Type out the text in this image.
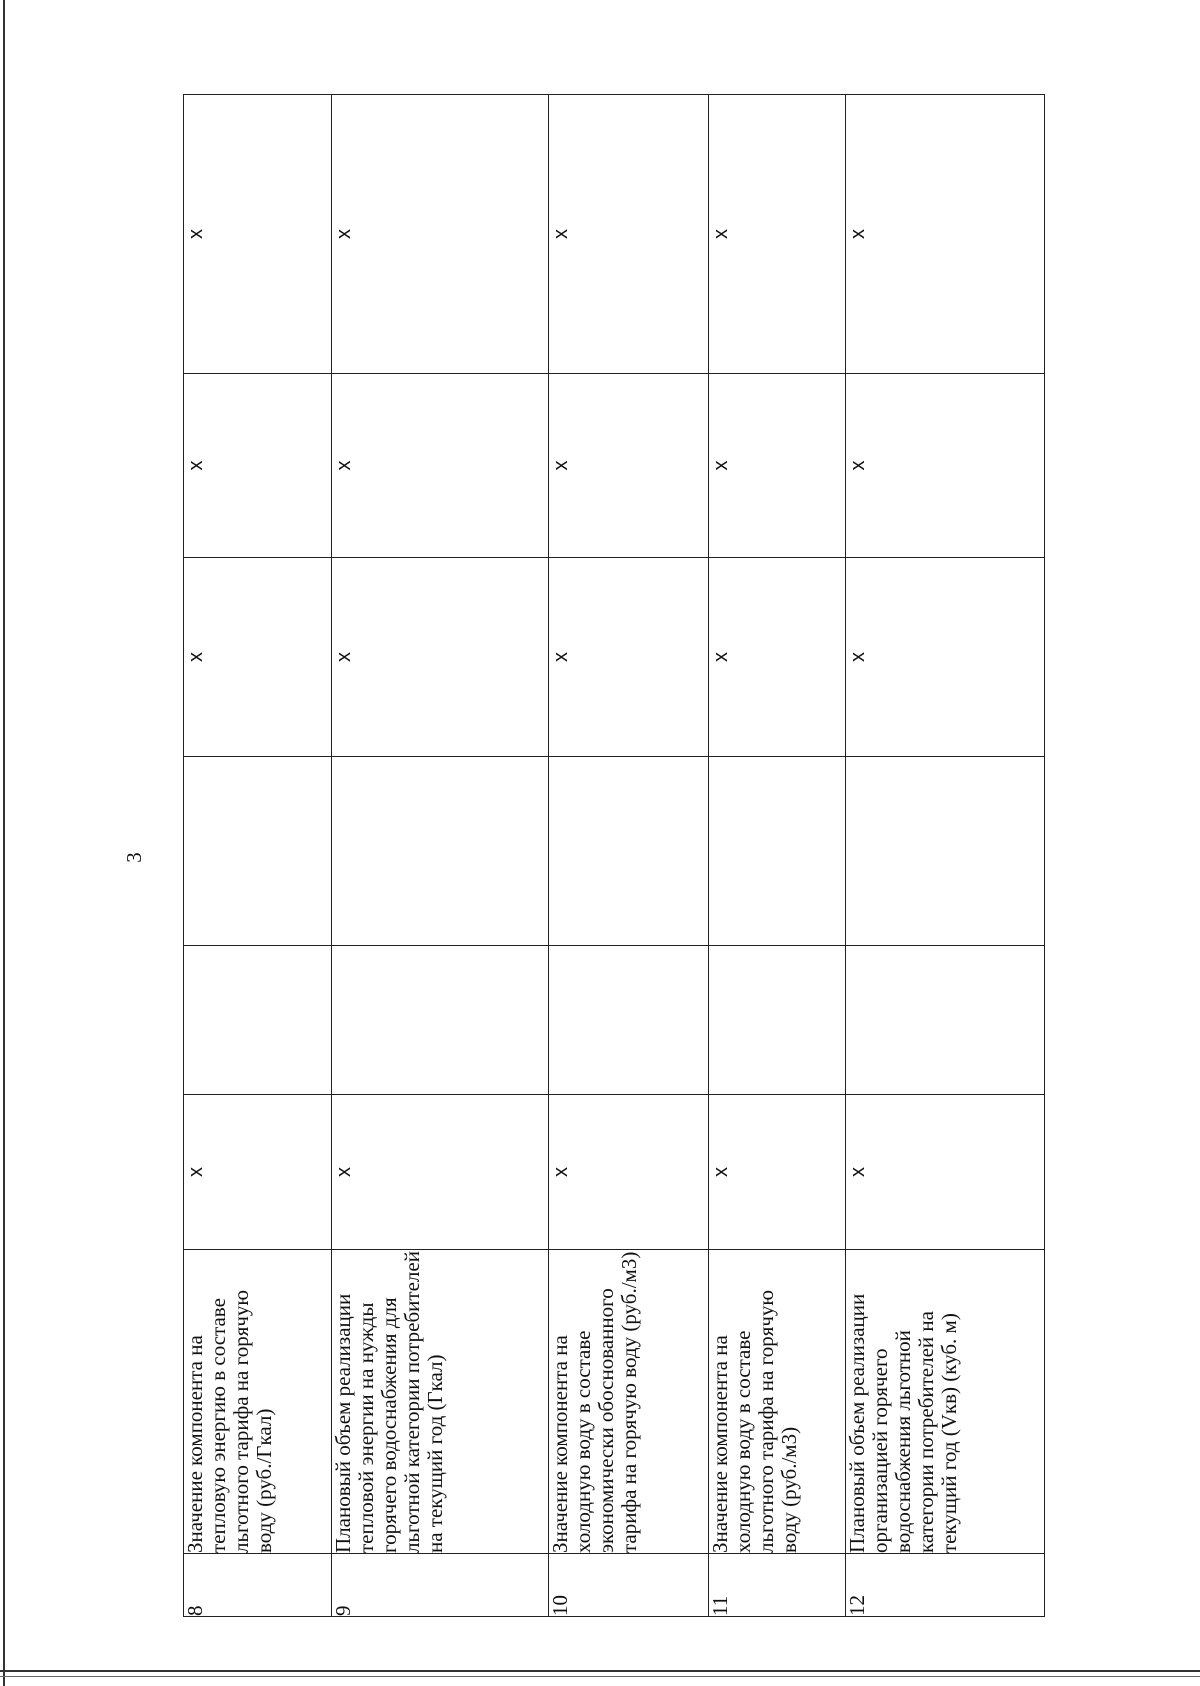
3
8	Значение компонента на тепловую энергию в составе льготного тарифа на горячую воду (руб./Гкал)	x			x	x	x
9	Плановый объем реализации тепловой энергии на нужды горячего водоснабжения для льготной категории потребителей на текущий год (Гкал)	x			x	x	x
10	Значение компонента на холодную воду в составе экономически обоснованного тарифа на горячую воду (руб./м3)	x			x	x	x
11	Значение компонента на холодную воду в составе льготного тарифа на горячую воду (руб./м3)	x			x	x	x
12	Плановый объем реализации организацией горячего водоснабжения льготной категории потребителей на текущий год (Vкв) (куб. м)	x			x	x	x
